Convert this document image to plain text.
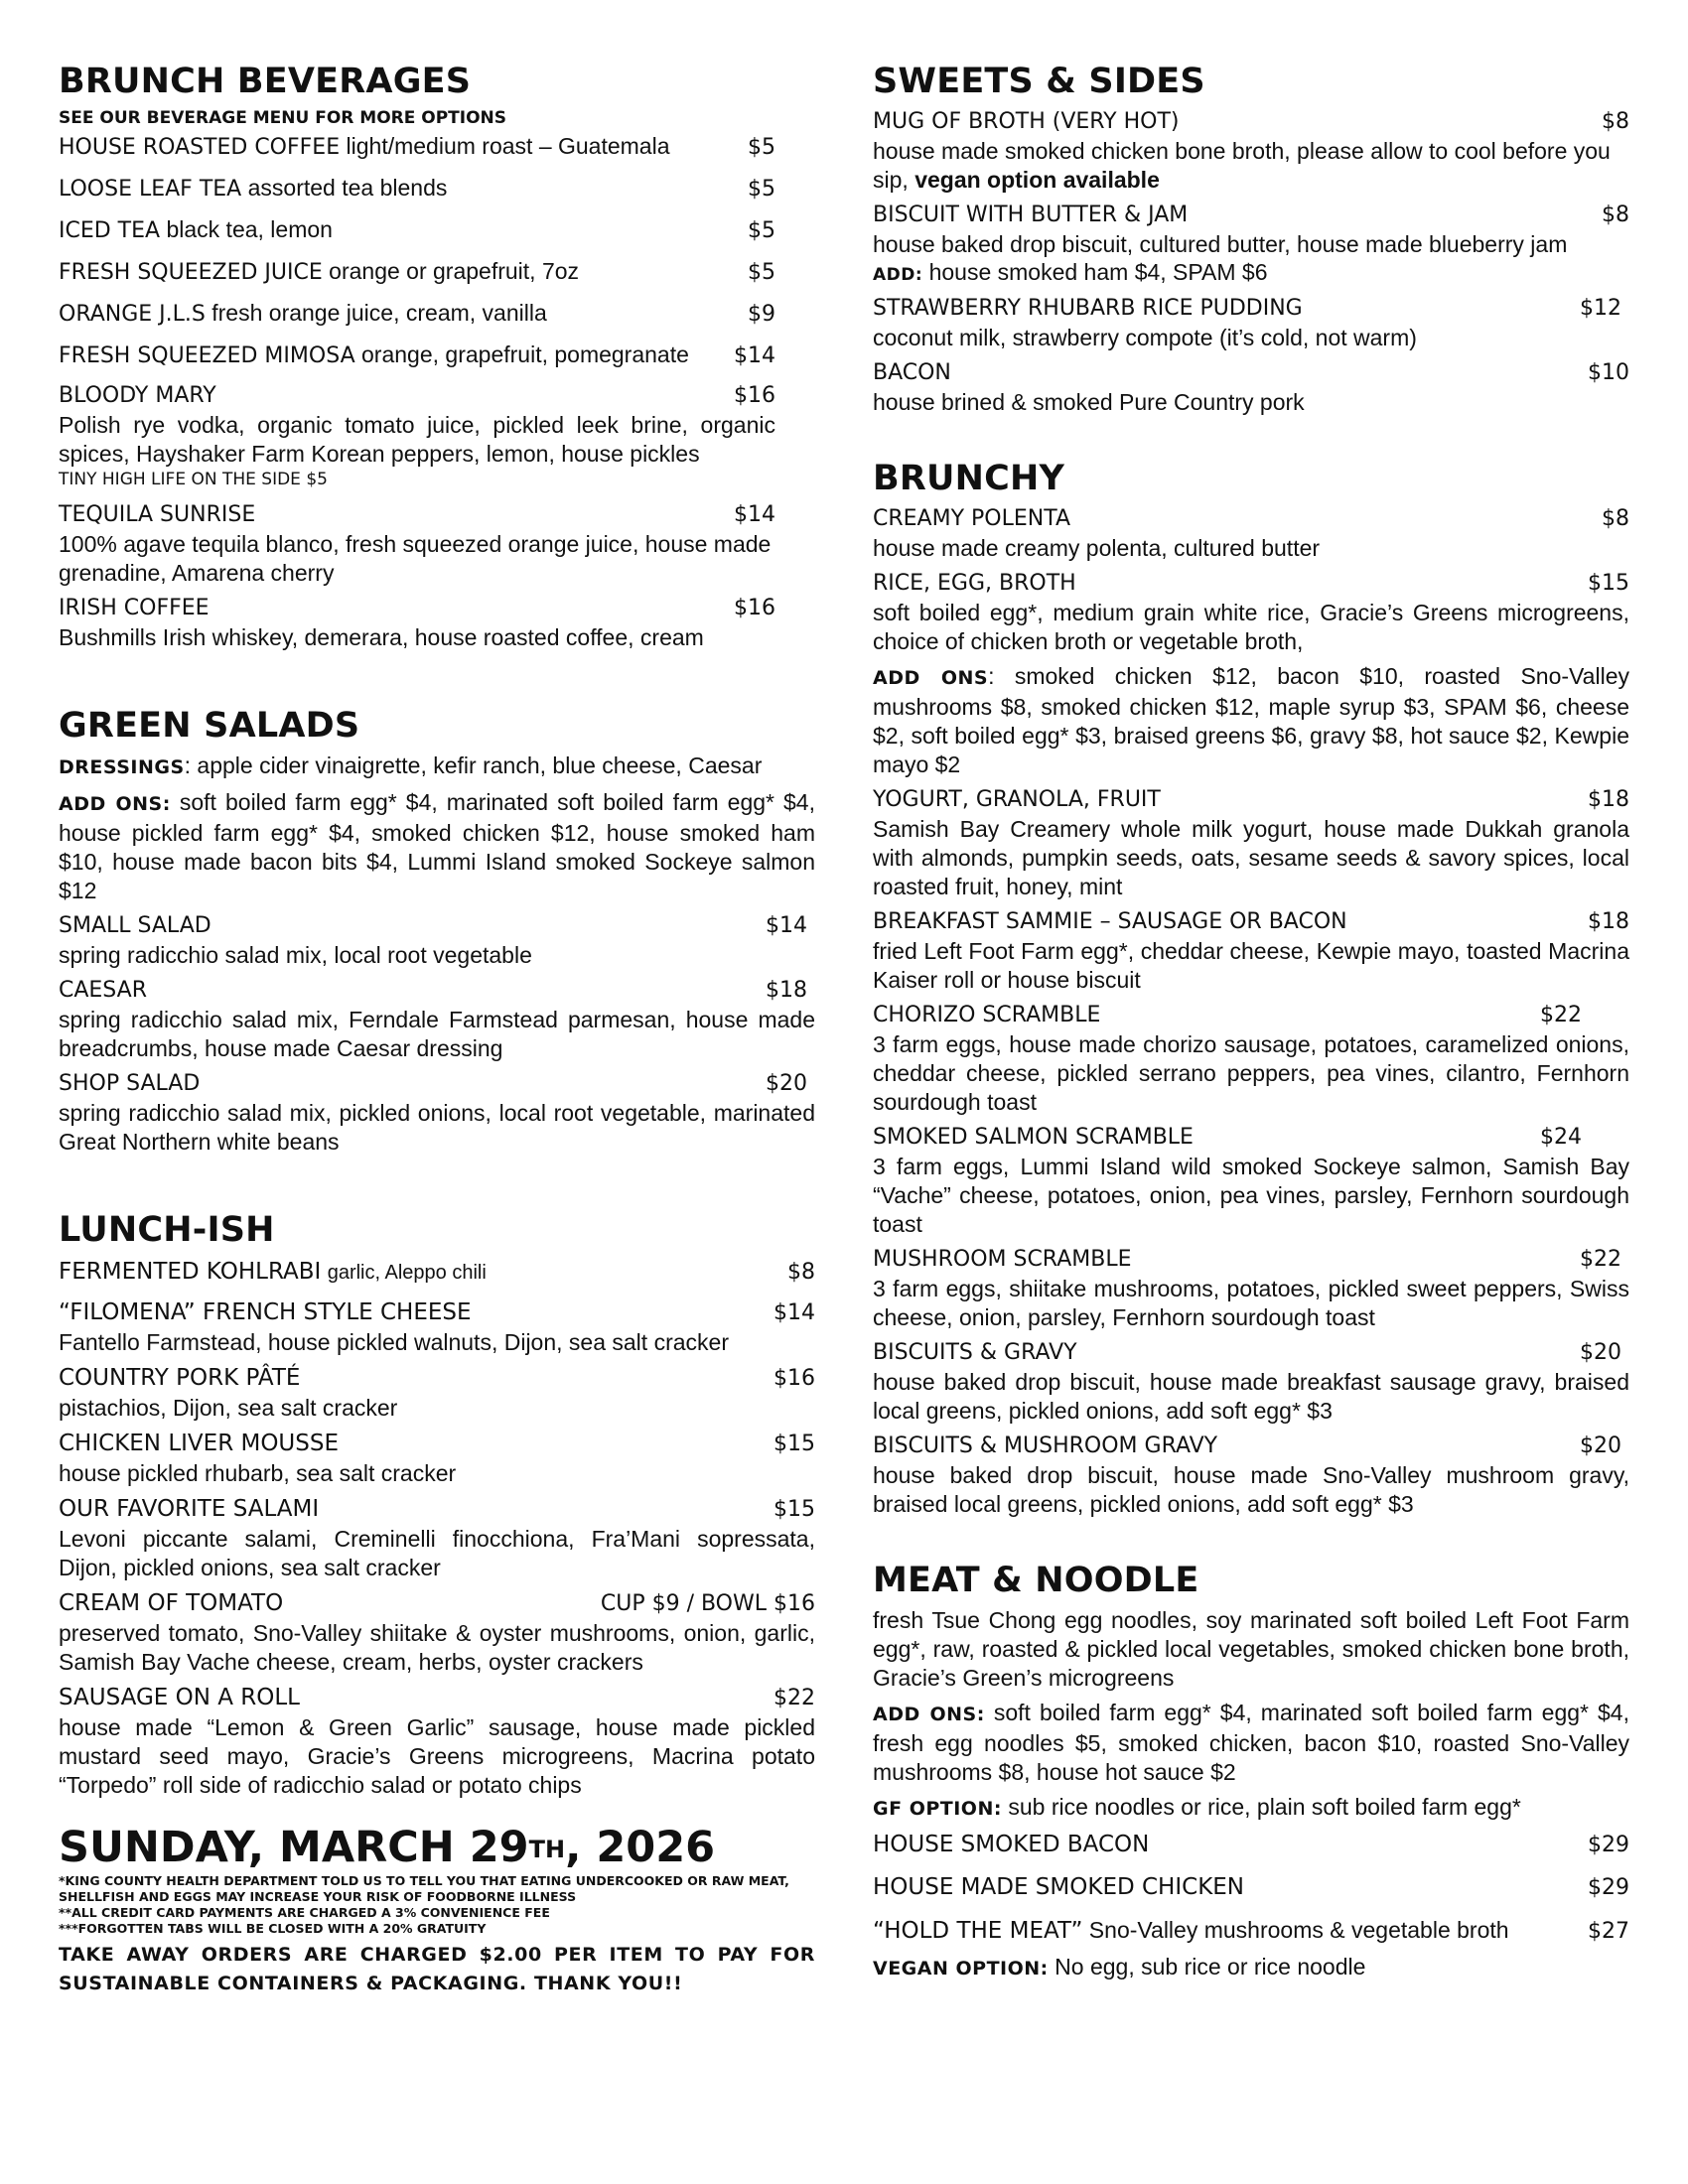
BRUNCH BEVERAGES
SEE OUR BEVERAGE MENU FOR MORE OPTIONS
HOUSE ROASTED COFFEE light/medium roast – Guatemala	$5
LOOSE LEAF TEA assorted tea blends	$5
ICED TEA black tea, lemon	$5
FRESH SQUEEZED JUICE orange or grapefruit, 7oz	$5
ORANGE J.L.S fresh orange juice, cream, vanilla	$9
FRESH SQUEEZED MIMOSA orange, grapefruit, pomegranate	$14
BLOODY MARY	$16
Polish rye vodka, organic tomato juice, pickled leek brine, organic spices, Hayshaker Farm Korean peppers, lemon, house pickles
TINY HIGH LIFE ON THE SIDE $5
TEQUILA SUNRISE	$14
100% agave tequila blanco, fresh squeezed orange juice, house made grenadine, Amarena cherry
IRISH COFFEE	$16
Bushmills Irish whiskey, demerara, house roasted coffee, cream
GREEN SALADS
DRESSINGS: apple cider vinaigrette, kefir ranch, blue cheese, Caesar
ADD ONS: soft boiled farm egg* $4, marinated soft boiled farm egg* $4, house pickled farm egg* $4, smoked chicken $12, house smoked ham $10, house made bacon bits $4, Lummi Island smoked Sockeye salmon $12
SMALL SALAD	$14
spring radicchio salad mix, local root vegetable
CAESAR	$18
spring radicchio salad mix, Ferndale Farmstead parmesan, house made breadcrumbs, house made Caesar dressing
SHOP SALAD	$20
spring radicchio salad mix, pickled onions, local root vegetable, marinated Great Northern white beans
LUNCH-ISH
FERMENTED KOHLRABI garlic, Aleppo chili	$8
“FILOMENA” FRENCH STYLE CHEESE	$14
Fantello Farmstead, house pickled walnuts, Dijon, sea salt cracker
COUNTRY PORK PÂTÉ	$16
pistachios, Dijon, sea salt cracker
CHICKEN LIVER MOUSSE	$15
house pickled rhubarb, sea salt cracker
OUR FAVORITE SALAMI	$15
Levoni piccante salami, Creminelli finocchiona, Fra’Mani sopressata, Dijon, pickled onions, sea salt cracker
CREAM OF TOMATO	CUP $9 / BOWL $16
preserved tomato, Sno-Valley shiitake & oyster mushrooms, onion, garlic, Samish Bay Vache cheese, cream, herbs, oyster crackers
SAUSAGE ON A ROLL	$22
house made “Lemon & Green Garlic” sausage, house made pickled mustard seed mayo, Gracie’s Greens microgreens, Macrina potato “Torpedo” roll side of radicchio salad or potato chips
SUNDAY, MARCH 29TH, 2026
*KING COUNTY HEALTH DEPARTMENT TOLD US TO TELL YOU THAT EATING UNDERCOOKED OR RAW MEAT, SHELLFISH AND EGGS MAY INCREASE YOUR RISK OF FOODBORNE ILLNESS
**ALL CREDIT CARD PAYMENTS ARE CHARGED A 3% CONVENIENCE FEE
***FORGOTTEN TABS WILL BE CLOSED WITH A 20% GRATUITY
TAKE AWAY ORDERS ARE CHARGED $2.00 PER ITEM TO PAY FOR SUSTAINABLE CONTAINERS & PACKAGING. THANK YOU!!
SWEETS & SIDES
MUG OF BROTH (VERY HOT)	$8
house made smoked chicken bone broth, please allow to cool before you sip, vegan option available
BISCUIT WITH BUTTER & JAM	$8
house baked drop biscuit, cultured butter, house made blueberry jam
ADD: house smoked ham $4, SPAM $6
STRAWBERRY RHUBARB RICE PUDDING	$12
coconut milk, strawberry compote (it’s cold, not warm)
BACON	$10
house brined & smoked Pure Country pork
BRUNCHY
CREAMY POLENTA	$8
house made creamy polenta, cultured butter
RICE, EGG, BROTH	$15
soft boiled egg*, medium grain white rice, Gracie’s Greens microgreens, choice of chicken broth or vegetable broth,
ADD ONS: smoked chicken $12, bacon $10, roasted Sno-Valley mushrooms $8, smoked chicken $12, maple syrup $3, SPAM $6, cheese $2, soft boiled egg* $3, braised greens $6, gravy $8, hot sauce $2, Kewpie mayo $2
YOGURT, GRANOLA, FRUIT	$18
Samish Bay Creamery whole milk yogurt, house made Dukkah granola with almonds, pumpkin seeds, oats, sesame seeds & savory spices, local roasted fruit, honey, mint
BREAKFAST SAMMIE – SAUSAGE OR BACON	$18
fried Left Foot Farm egg*, cheddar cheese, Kewpie mayo, toasted Macrina Kaiser roll or house biscuit
CHORIZO SCRAMBLE	$22
3 farm eggs, house made chorizo sausage, potatoes, caramelized onions, cheddar cheese, pickled serrano peppers, pea vines, cilantro, Fernhorn sourdough toast
SMOKED SALMON SCRAMBLE	$24
3 farm eggs, Lummi Island wild smoked Sockeye salmon, Samish Bay “Vache” cheese, potatoes, onion, pea vines, parsley, Fernhorn sourdough toast
MUSHROOM SCRAMBLE	$22
3 farm eggs, shiitake mushrooms, potatoes, pickled sweet peppers, Swiss cheese, onion, parsley, Fernhorn sourdough toast
BISCUITS & GRAVY	$20
house baked drop biscuit, house made breakfast sausage gravy, braised local greens, pickled onions, add soft egg* $3
BISCUITS & MUSHROOM GRAVY	$20
house baked drop biscuit, house made Sno-Valley mushroom gravy, braised local greens, pickled onions, add soft egg* $3
MEAT & NOODLE
fresh Tsue Chong egg noodles, soy marinated soft boiled Left Foot Farm egg*, raw, roasted & pickled local vegetables, smoked chicken bone broth, Gracie’s Green’s microgreens
ADD ONS: soft boiled farm egg* $4, marinated soft boiled farm egg* $4, fresh egg noodles $5, smoked chicken, bacon $10, roasted Sno-Valley mushrooms $8, house hot sauce $2
GF OPTION: sub rice noodles or rice, plain soft boiled farm egg*
HOUSE SMOKED BACON	$29
HOUSE MADE SMOKED CHICKEN	$29
“HOLD THE MEAT” Sno-Valley mushrooms & vegetable broth	$27
VEGAN OPTION: No egg, sub rice or rice noodle
